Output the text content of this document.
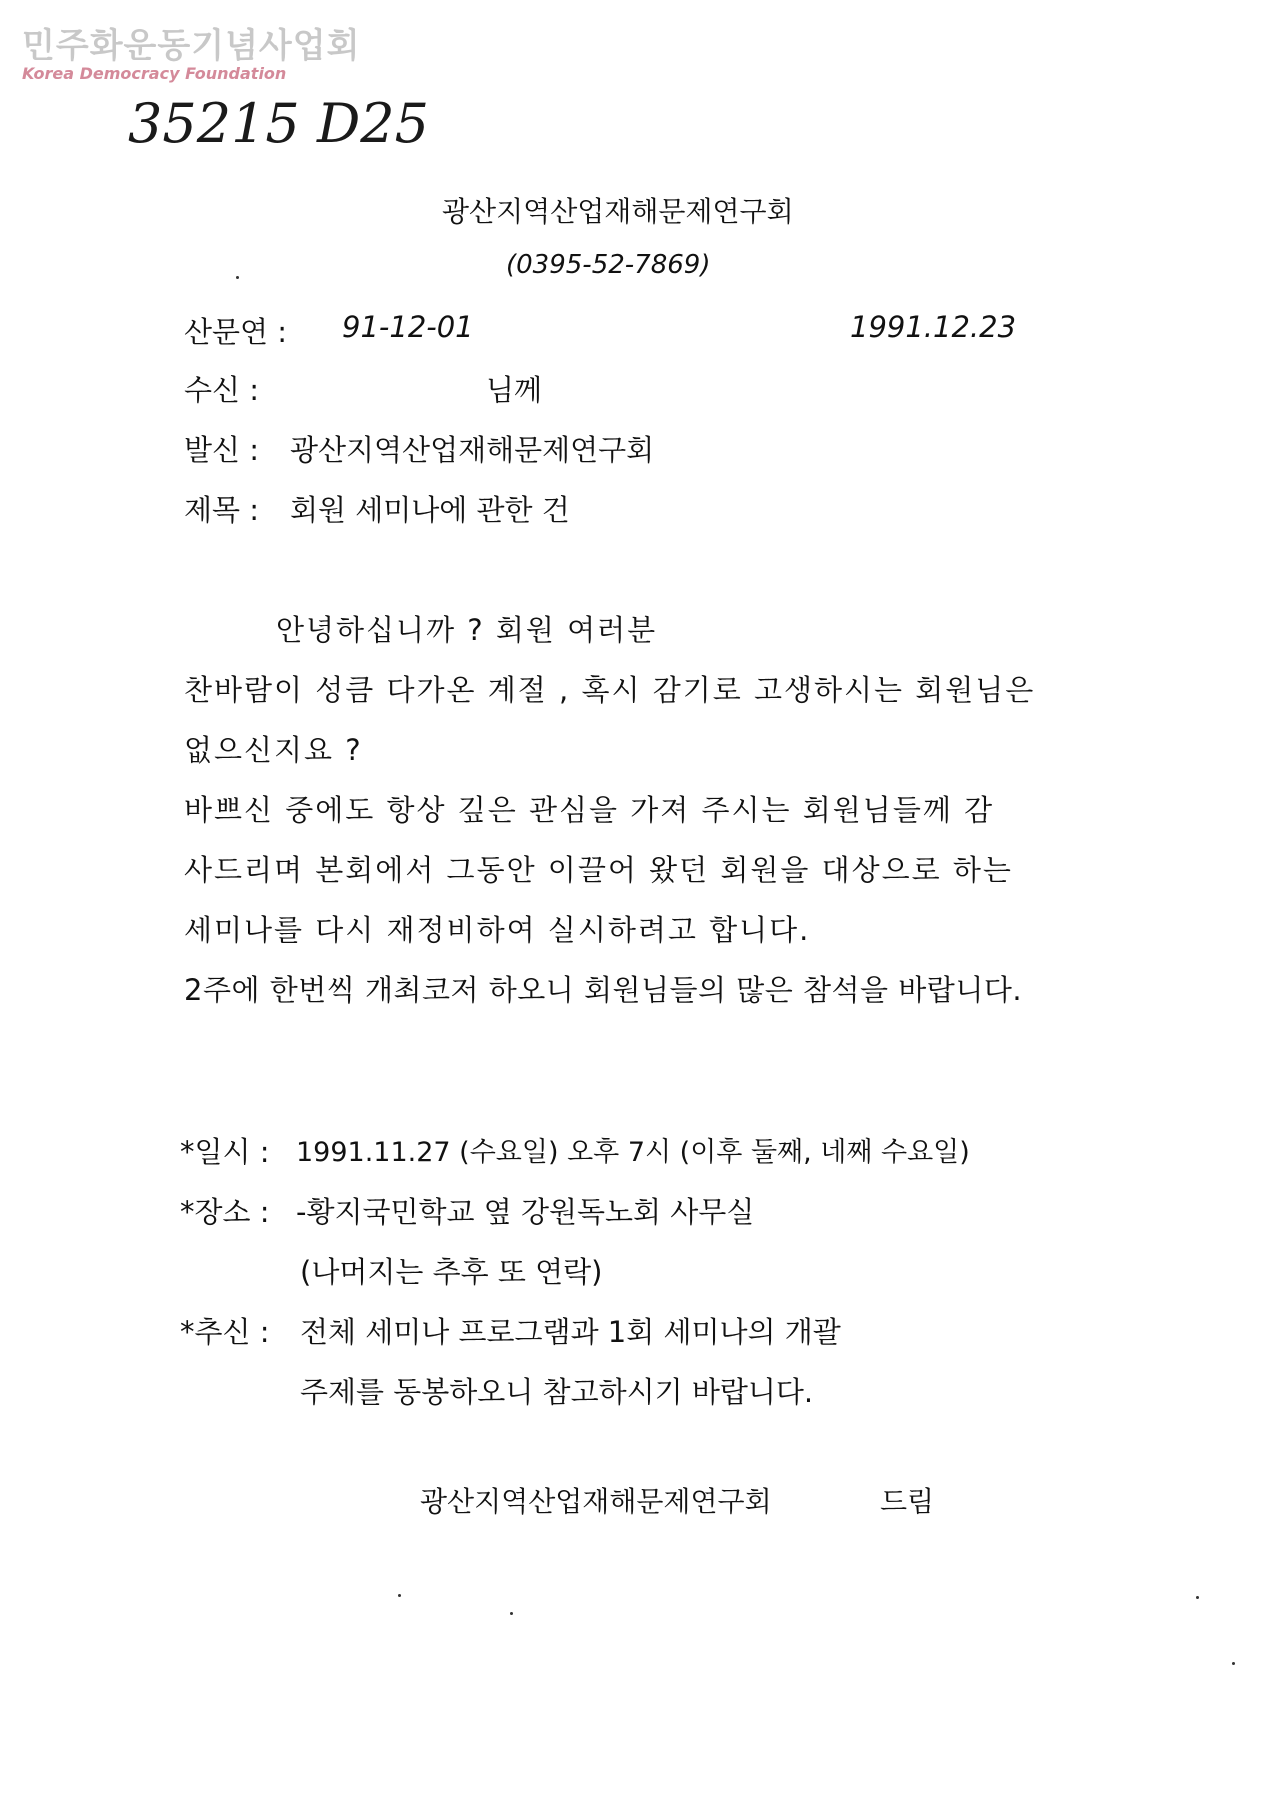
민주화운동기념사업회
Korea Democracy Foundation
35215 D25
광산지역산업재해문제연구회
(0395-52-7869)
산문연 : 91-12-01	1991.12.23
수신 :	님께
발신 : 광산지역산업재해문제연구회
제목 : 회원 세미나에 관한 건
안녕하십니까 ? 회원 여러분
찬바람이 성큼 다가온 계절 , 혹시 감기로 고생하시는 회원님은
없으신지요 ?
바쁘신 중에도 항상 깊은 관심을 가져 주시는 회원님들께 감
사드리며 본회에서 그동안 이끌어 왔던 회원을 대상으로 하는
세미나를 다시 재정비하여 실시하려고 합니다.
2주에 한번씩 개최코저 하오니 회원님들의 많은 참석을 바랍니다.
*일시 : 1991.11.27 (수요일) 오후 7시 (이후 둘째, 네째 수요일)
*장소 : -황지국민학교 옆 강원독노회 사무실
(나머지는 추후 또 연락)
*추신 : 전체 세미나 프로그램과 1회 세미나의 개괄
주제를 동봉하오니 참고하시기 바랍니다.
광산지역산업재해문제연구회	드림
